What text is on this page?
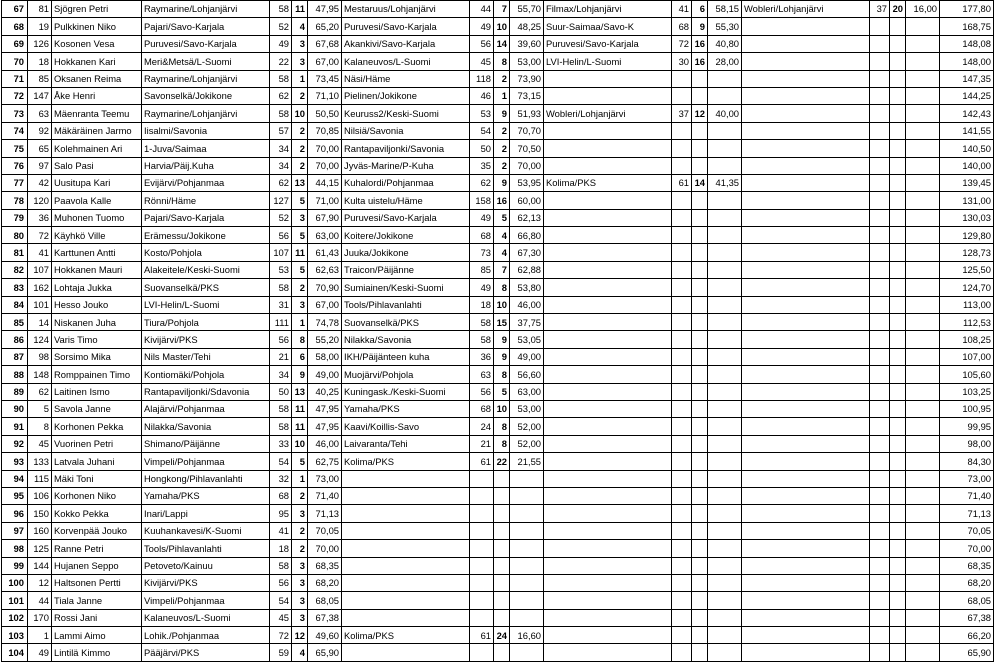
67	81	Sjögren Petri	Raymarine/Lohjanjärvi	58	11	47,95	Mestaruus/Lohjanjärvi	44	7	55,70	Filmax/Lohjanjärvi	41	6	58,15	Wobleri/Lohjanjärvi	37	20	16,00	177,80
68	19	Pulkkinen Niko	Pajari/Savo-Karjala	52	4	65,20	Puruvesi/Savo-Karjala	49	10	48,25	Suur-Saimaa/Savo-K	68	9	55,30					168,75
69	126	Kosonen Vesa	Puruvesi/Savo-Karjala	49	3	67,68	Akankivi/Savo-Karjala	56	14	39,60	Puruvesi/Savo-Karjala	72	16	40,80					148,08
70	18	Hokkanen Kari	Meri&Metsä/L-Suomi	22	3	67,00	Kalaneuvos/L-Suomi	45	8	53,00	LVI-Helin/L-Suomi	30	16	28,00					148,00
71	85	Oksanen Reima	Raymarine/Lohjanjärvi	58	1	73,45	Näsi/Häme	118	2	73,90									147,35
72	147	Åke Henri	Savonselkä/Jokikone	62	2	71,10	Pielinen/Jokikone	46	1	73,15									144,25
73	63	Mäenranta Teemu	Raymarine/Lohjanjärvi	58	10	50,50	Keuruss2/Keski-Suomi	53	9	51,93	Wobleri/Lohjanjärvi	37	12	40,00					142,43
74	92	Mäkäräinen Jarmo	Iisalmi/Savonia	57	2	70,85	Nilsiä/Savonia	54	2	70,70									141,55
75	65	Kolehmainen Ari	1-Juva/Saimaa	34	2	70,00	Rantapaviljonki/Savonia	50	2	70,50									140,50
76	97	Salo Pasi	Harvia/Päij.Kuha	34	2	70,00	Jyväs-Marine/P-Kuha	35	2	70,00									140,00
77	42	Uusitupa Kari	Evijärvi/Pohjanmaa	62	13	44,15	Kuhalordi/Pohjanmaa	62	9	53,95	Kolima/PKS	61	14	41,35					139,45
78	120	Paavola Kalle	Rönni/Häme	127	5	71,00	Kulta uistelu/Häme	158	16	60,00									131,00
79	36	Muhonen Tuomo	Pajari/Savo-Karjala	52	3	67,90	Puruvesi/Savo-Karjala	49	5	62,13									130,03
80	72	Käyhkö Ville	Erämessu/Jokikone	56	5	63,00	Koitere/Jokikone	68	4	66,80									129,80
81	41	Karttunen Antti	Kosto/Pohjola	107	11	61,43	Juuka/Jokikone	73	4	67,30									128,73
82	107	Hokkanen Mauri	Alakeitele/Keski-Suomi	53	5	62,63	Traicon/Päijänne	85	7	62,88									125,50
83	162	Lohtaja Jukka	Suovanselkä/PKS	58	2	70,90	Sumiainen/Keski-Suomi	49	8	53,80									124,70
84	101	Hesso Jouko	LVI-Helin/L-Suomi	31	3	67,00	Tools/Pihlavanlahti	18	10	46,00									113,00
85	14	Niskanen Juha	Tiura/Pohjola	111	1	74,78	Suovanselkä/PKS	58	15	37,75									112,53
86	124	Varis Timo	Kivijärvi/PKS	56	8	55,20	Nilakka/Savonia	58	9	53,05									108,25
87	98	Sorsimo Mika	Nils Master/Tehi	21	6	58,00	IKH/Päijänteen kuha	36	9	49,00									107,00
88	148	Romppainen Timo	Kontiomäki/Pohjola	34	9	49,00	Muojärvi/Pohjola	63	8	56,60									105,60
89	62	Laitinen Ismo	Rantapaviljonki/Sdavonia	50	13	40,25	Kuningask./Keski-Suomi	56	5	63,00									103,25
90	5	Savola Janne	Alajärvi/Pohjanmaa	58	11	47,95	Yamaha/PKS	68	10	53,00									100,95
91	8	Korhonen Pekka	Nilakka/Savonia	58	11	47,95	Kaavi/Koillis-Savo	24	8	52,00									99,95
92	45	Vuorinen Petri	Shimano/Päijänne	33	10	46,00	Laivaranta/Tehi	21	8	52,00									98,00
93	133	Latvala Juhani	Vimpeli/Pohjanmaa	54	5	62,75	Kolima/PKS	61	22	21,55									84,30
94	115	Mäki Toni	Hongkong/Pihlavanlahti	32	1	73,00													73,00
95	106	Korhonen Niko	Yamaha/PKS	68	2	71,40													71,40
96	150	Kokko Pekka	Inari/Lappi	95	3	71,13													71,13
97	160	Korvenpää Jouko	Kuuhankavesi/K-Suomi	41	2	70,05													70,05
98	125	Ranne Petri	Tools/Pihlavanlahti	18	2	70,00													70,00
99	144	Hujanen Seppo	Petoveto/Kainuu	58	3	68,35													68,35
100	12	Haltsonen Pertti	Kivijärvi/PKS	56	3	68,20													68,20
101	44	Tiala Janne	Vimpeli/Pohjanmaa	54	3	68,05													68,05
102	170	Rossi Jani	Kalaneuvos/L-Suomi	45	3	67,38													67,38
103	1	Lammi Aimo	Lohik./Pohjanmaa	72	12	49,60	Kolima/PKS	61	24	16,60									66,20
104	49	Lintilä Kimmo	Pääjärvi/PKS	59	4	65,90													65,90
